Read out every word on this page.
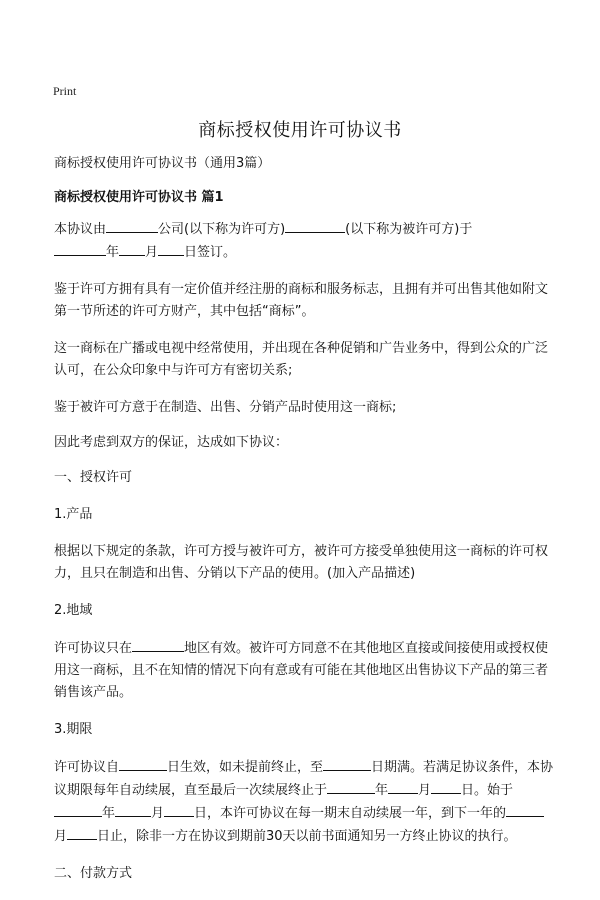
Print
商标授权使用许可协议书

商标授权使用许可协议书（通用3篇）

商标授权使用许可协议书 篇1

本协议由	公司(以下称为许可方)	(以下称为被许可方)于
年 月 日签订。

鉴于许可方拥有具有一定价值并经注册的商标和服务标志，且拥有并可出售其他如附文第一节所述的许可方财产，其中包括“商标”。

这一商标在广播或电视中经常使用，并出现在各种促销和广告业务中，得到公众的广泛认可，在公众印象中与许可方有密切关系;

鉴于被许可方意于在制造、出售、分销产品时使用这一商标;

因此考虑到双方的保证，达成如下协议：

一、授权许可

1.产品

根据以下规定的条款，许可方授与被许可方，被许可方接受单独使用这一商标的许可权力，且只在制造和出售、分销以下产品的使用。(加入产品描述)

2.地域

许可协议只在	地区有效。被许可方同意不在其他地区直接或间接使用或授权使用这一商标，且不在知情的情况下向有意或有可能在其他地区出售协议下产品的第三者销售该产品。

3.期限

许可协议自	日生效，如未提前终止，至	日期满。若满足协议条件，本协议期限每年自动续展，直至最后一次续展终止于	年 月 日。始于年	月 日，本许可协议在每一期末自动续展一年，到下一年的月 日止，除非一方在协议到期前30天以前书面通知另一方终止协议的执行。

二、付款方式
